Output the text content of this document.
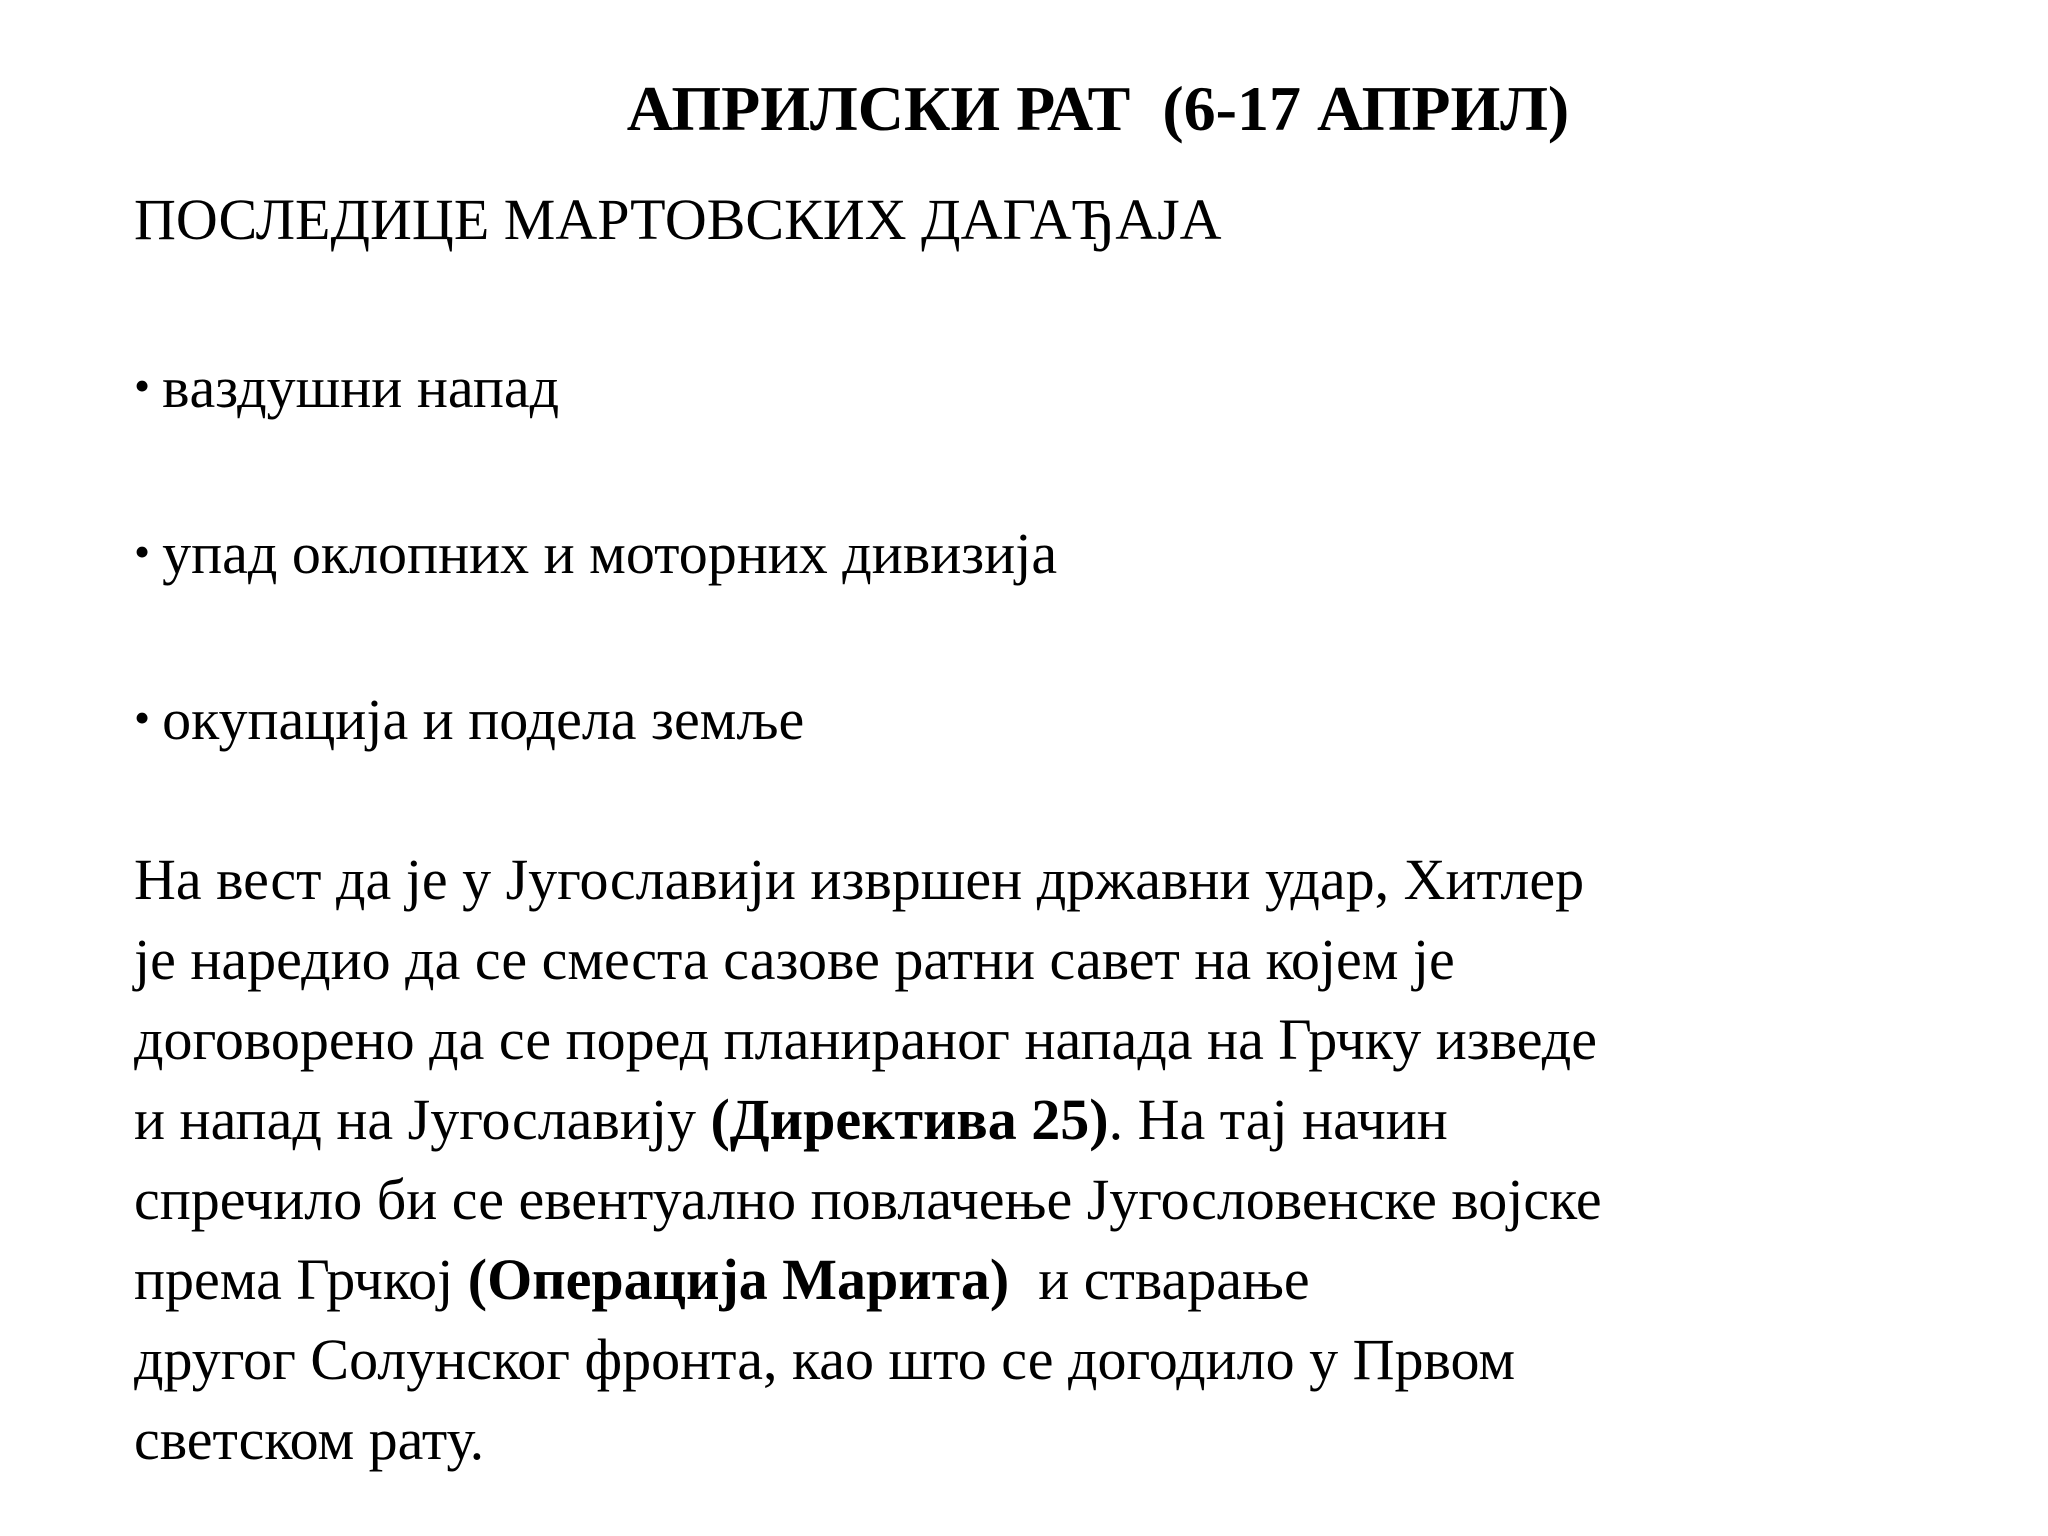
АПРИЛСКИ РАТ  (6-17 АПРИЛ)
ПОСЛЕДИЦЕ МАРТОВСКИХ ДАГАЂАЈА
• вaздушни напад
• упад оклопних и моторних дивизија
• окупација и подела земље
На вест да је у Југославији извршен државни удар, Хитлер
је наредио да се сместа сазове ратни савет на којем је
договорено да се поред планираног напада на Грчку изведе
и напад на Југославију (Директива 25). На тај начин
спречило би се евентуално повлачење Југословенске војске
према Грчкој (Операција Марита)  и стварање
другог Солунског фронта, као што се догодило у Првом
светском рату.
